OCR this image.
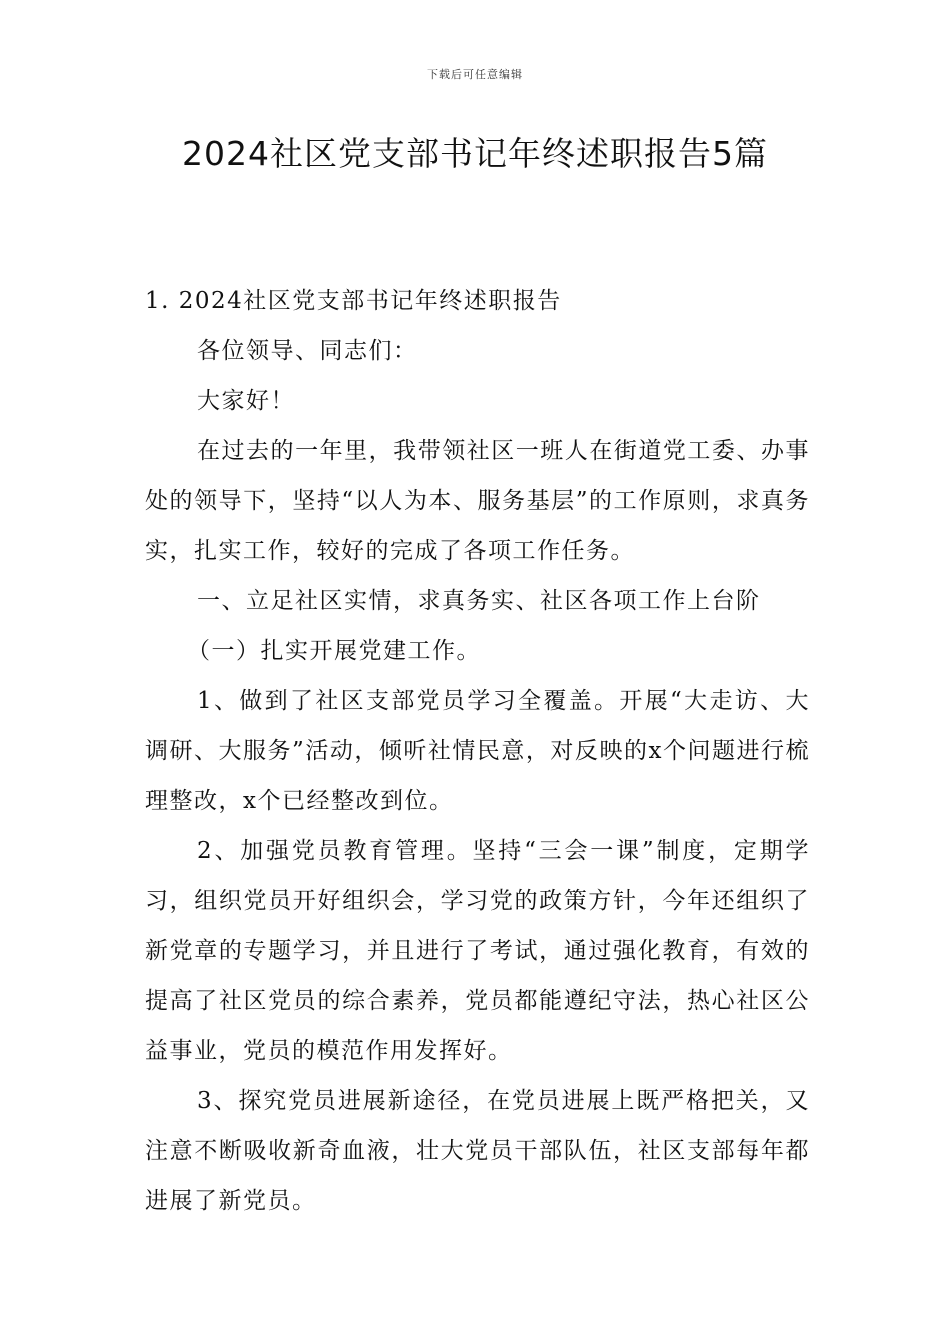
下载后可任意编辑
2024社区党支部书记年终述职报告5篇

1. 2024社区党支部书记年终述职报告

各位领导、同志们：

大家好！

在过去的一年里，我带领社区一班人在街道党工委、办事处的领导下，坚持“以人为本、服务基层”的工作原则，求真务实，扎实工作，较好的完成了各项工作任务。

一、立足社区实情，求真务实、社区各项工作上台阶

（一）扎实开展党建工作。

1、做到了社区支部党员学习全覆盖。开展“大走访、大调研、大服务”活动，倾听社情民意，对反映的x个问题进行梳理整改，x个已经整改到位。

2、加强党员教育管理。坚持“三会一课”制度，定期学习，组织党员开好组织会，学习党的政策方针，今年还组织了新党章的专题学习，并且进行了考试，通过强化教育，有效的提高了社区党员的综合素养，党员都能遵纪守法，热心社区公益事业，党员的模范作用发挥好。

3、探究党员进展新途径，在党员进展上既严格把关，又注意不断吸收新奇血液，壮大党员干部队伍，社区支部每年都进展了新党员。
